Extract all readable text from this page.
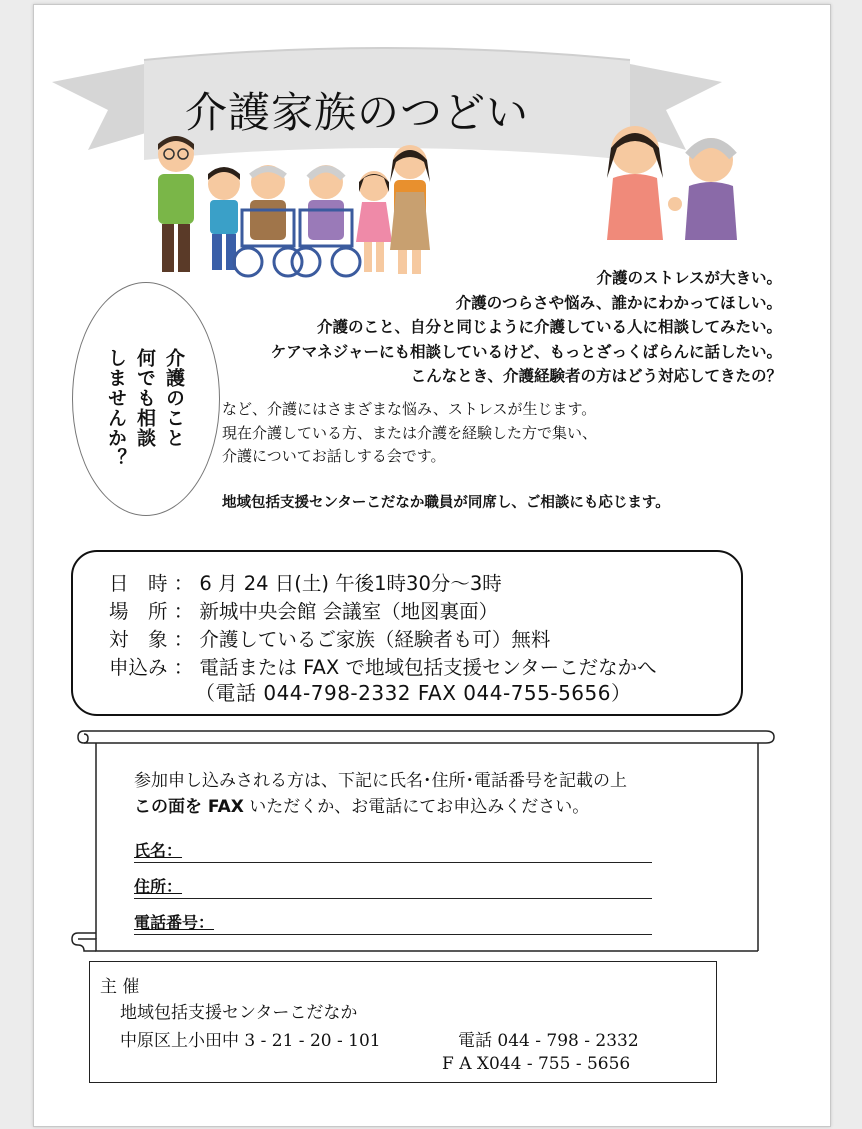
介護家族のつどい
介護のストレスが大きい。
介護のつらさや悩み、誰かにわかってほしい。
介護のこと、自分と同じように介護している人に相談してみたい。
ケアマネジャーにも相談しているけど、もっとざっくばらんに話したい。
こんなとき、介護経験者の方はどう対応してきたの？
介護のこと
何でも相談
しませんか？	など、介護にはさまざまな悩み、ストレスが生じます。
現在介護している方、または介護を経験した方で集い、
介護についてお話しする会です。
地域包括支援センターこだなか職員が同席し、ご相談にも応じます。
日　時 ： 6 月 24 日(土) 午後1時30分～3時
場　所 ： 新城中央会館 会議室（地図裏面）
対　象 ： 介護しているご家族（経験者も可）無料
申込み ： 電話または FAX で地域包括支援センターこだなかへ
（電話 044-798-2332 FAX 044-755-5656）
参加申し込みされる方は、下記に氏名･住所･電話番号を記載の上
この面を FAX いただくか、お電話にてお申込みください。
氏名：
住所：
電話番号：
主 催
地域包括支援センターこだなか
中原区上小田中 3 - 21 - 20 - 101	電話 044 - 798 - 2332
F A X044 - 755 - 5656
